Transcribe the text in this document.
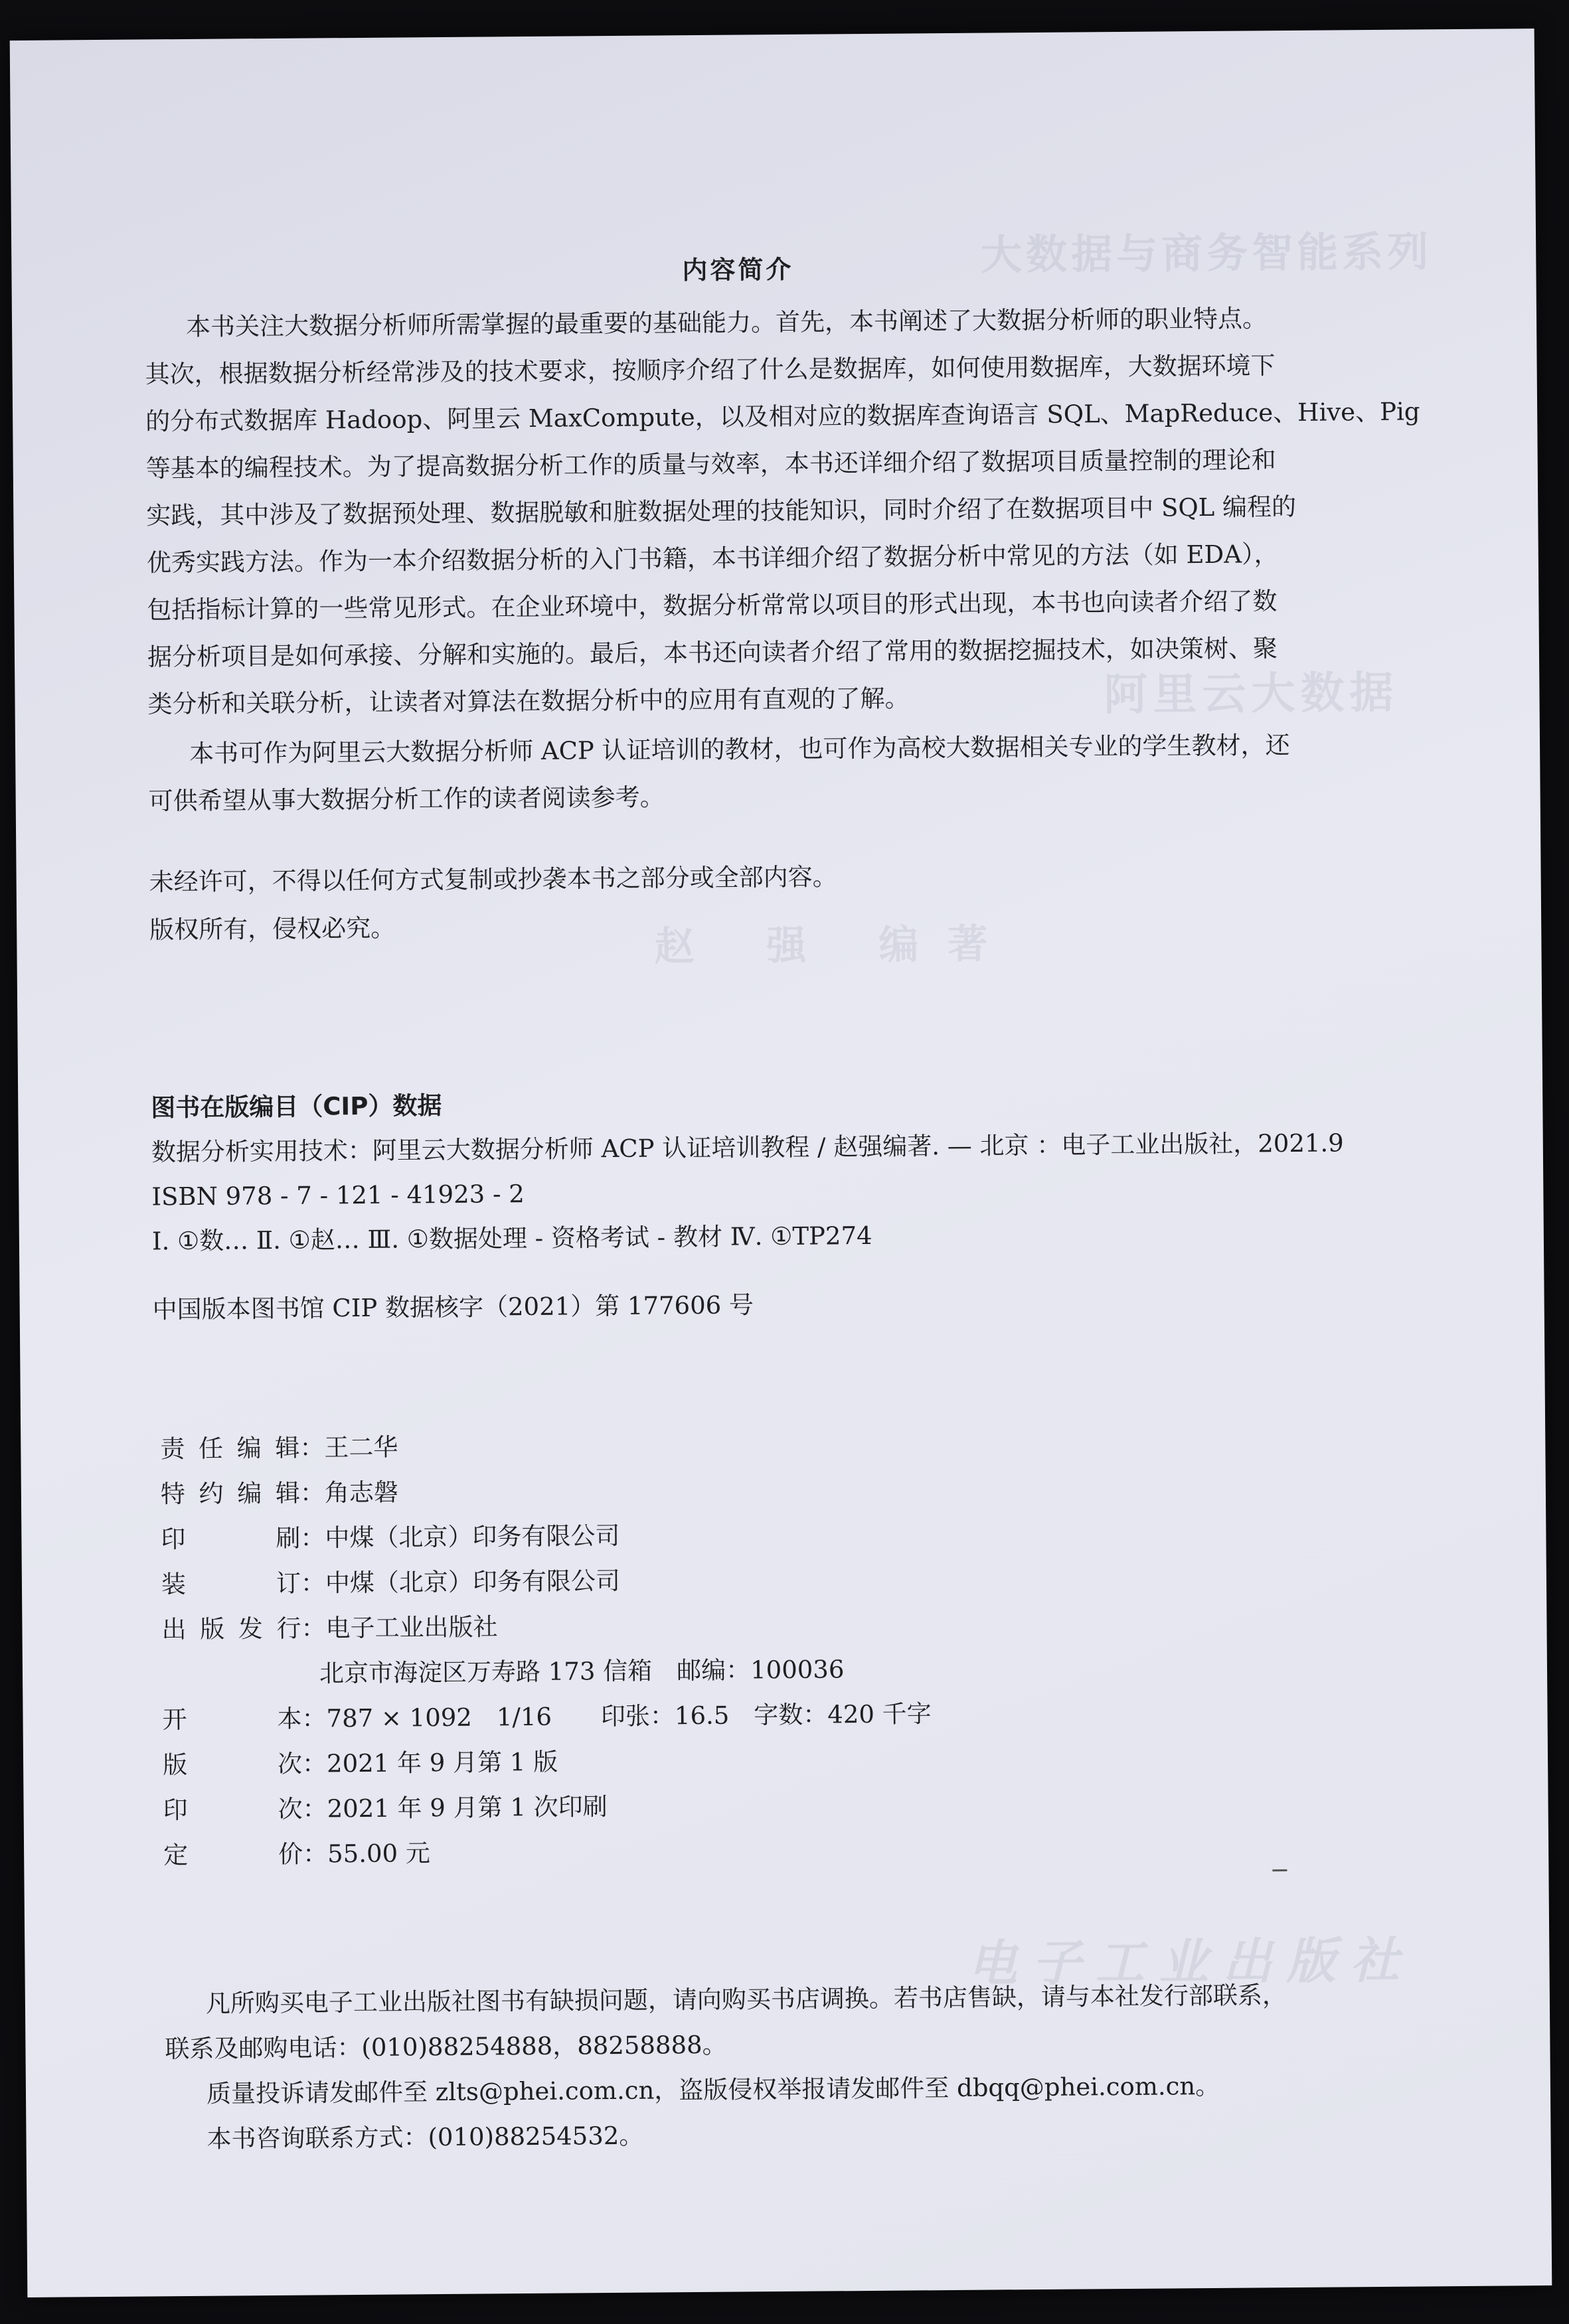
大数据与商务智能系列
阿里云大数据
赵 强 编著
电子工业出版社
内容简介
本书关注大数据分析师所需掌握的最重要的基础能力。首先，本书阐述了大数据分析师的职业特点。
其次，根据数据分析经常涉及的技术要求，按顺序介绍了什么是数据库，如何使用数据库，大数据环境下
的分布式数据库 Hadoop、阿里云 MaxCompute，以及相对应的数据库查询语言 SQL、MapReduce、Hive、Pig
等基本的编程技术。为了提高数据分析工作的质量与效率，本书还详细介绍了数据项目质量控制的理论和
实践，其中涉及了数据预处理、数据脱敏和脏数据处理的技能知识，同时介绍了在数据项目中 SQL 编程的
优秀实践方法。作为一本介绍数据分析的入门书籍，本书详细介绍了数据分析中常见的方法（如 EDA），
包括指标计算的一些常见形式。在企业环境中，数据分析常常以项目的形式出现，本书也向读者介绍了数
据分析项目是如何承接、分解和实施的。最后，本书还向读者介绍了常用的数据挖掘技术，如决策树、聚
类分析和关联分析，让读者对算法在数据分析中的应用有直观的了解。
本书可作为阿里云大数据分析师 ACP 认证培训的教材，也可作为高校大数据相关专业的学生教材，还
可供希望从事大数据分析工作的读者阅读参考。
未经许可，不得以任何方式复制或抄袭本书之部分或全部内容。
版权所有，侵权必究。
图书在版编目（CIP）数据
数据分析实用技术：阿里云大数据分析师 ACP 认证培训教程 / 赵强编著. — 北京 ：电子工业出版社，2021.9
ISBN 978 - 7 - 121 - 41923 - 2
Ⅰ. ①数… Ⅱ. ①赵… Ⅲ. ①数据处理 - 资格考试 - 教材 Ⅳ. ①TP274
中国版本图书馆 CIP 数据核字（2021）第 177606 号
责任编辑：王二华
特约编辑：角志磐
印刷：中煤（北京）印务有限公司
装订：中煤（北京）印务有限公司
出版发行：电子工业出版社
北京市海淀区万寿路 173 信箱　邮编：100036
开本：787 × 1092　1/16　　印张：16.5　字数：420 千字
版次：2021 年 9 月第 1 版
印次：2021 年 9 月第 1 次印刷
定价：55.00 元
凡所购买电子工业出版社图书有缺损问题，请向购买书店调换。若书店售缺，请与本社发行部联系，
联系及邮购电话：(010)88254888，88258888。
质量投诉请发邮件至 zlts@phei.com.cn，盗版侵权举报请发邮件至 dbqq@phei.com.cn。
本书咨询联系方式：(010)88254532。
